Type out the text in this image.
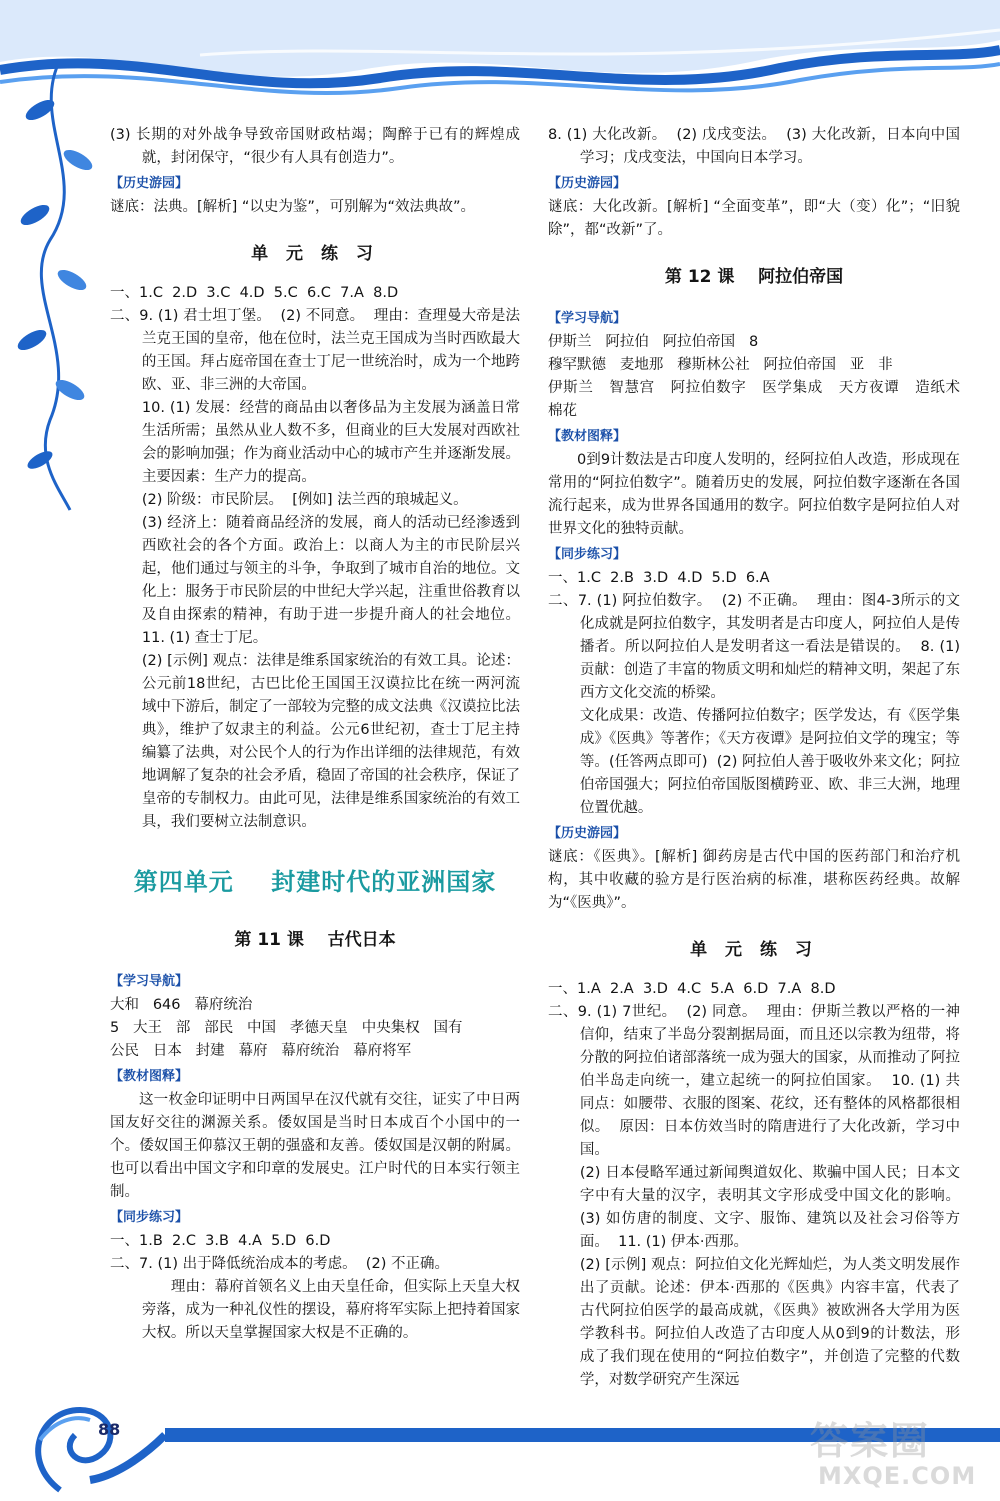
88	答案圈
MXQE.COM

(3) 长期的对外战争导致帝国财政枯竭；陶醉于已有的辉煌成就，封闭保守，“很少有人具有创造力”。

【 历史游园 】

谜底：法典。[解析] “以史为鉴”，可别解为“效法典故”。

单 元 练 习

一、1.C  2.D  3.C  4.D  5.C  6.C  7.A  8.D

二、9. (1) 君士坦丁堡。  (2) 不同意。  理由：查理曼大帝是法兰克王国的皇帝，他在位时，法兰克王国成为当时西欧最大的王国。拜占庭帝国在查士丁尼一世统治时，成为一个地跨欧、亚、非三洲的大帝国。

10. (1) 发展：经营的商品由以奢侈品为主发展为涵盖日常生活所需；虽然从业人数不多，但商业的巨大发展对西欧社会的影响加强；作为商业活动中心的城市产生并逐渐发展。  主要因素：生产力的提高。

(2) 阶级：市民阶层。  [例如] 法兰西的琅城起义。

(3) 经济上：随着商品经济的发展，商人的活动已经渗透到西欧社会的各个方面。政治上：以商人为主的市民阶层兴起，他们通过与领主的斗争，争取到了城市自治的地位。文化上：服务于市民阶层的中世纪大学兴起，注重世俗教育以及自由探索的精神，有助于进一步提升商人的社会地位。  11. (1) 查士丁尼。

(2) [示例] 观点：法律是维系国家统治的有效工具。论述：公元前18世纪，古巴比伦王国国王汉谟拉比在统一两河流域中下游后，制定了一部较为完整的成文法典《汉谟拉比法典》，维护了奴隶主的利益。公元6世纪初，查士丁尼主持编纂了法典，对公民个人的行为作出详细的法律规范，有效地调解了复杂的社会矛盾，稳固了帝国的社会秩序，保证了皇帝的专制权力。由此可见，法律是维系国家统治的有效工具，我们要树立法制意识。

第四单元    封建时代的亚洲国家
第 11 课    古代日本
【 学习导航 】

大和   646   幕府统治

5   大王   部   部民   中国   孝德天皇   中央集权   国有

公民   日本   封建   幕府   幕府统治   幕府将军

【 教材图释 】

这一枚金印证明中日两国早在汉代就有交往，证实了中日两国友好交往的渊源关系。倭奴国是当时日本成百个小国中的一个。倭奴国王仰慕汉王朝的强盛和友善。倭奴国是汉朝的附属。也可以看出中国文字和印章的发展史。江户时代的日本实行领主制。

【 同步练习 】

一、1.B  2.C  3.B  4.A  5.D  6.D

二、7. (1) 出于降低统治成本的考虑。  (2) 不正确。

理由：幕府首领名义上由天皇任命，但实际上天皇大权旁落，成为一种礼仪性的摆设，幕府将军实际上把持着国家大权。所以天皇掌握国家大权是不正确的。

8. (1) 大化改新。  (2) 戊戌变法。  (3) 大化改新，日本向中国学习；戊戌变法，中国向日本学习。

【 历史游园 】

谜底：大化改新。[解析] “全面变革”，即“大（变）化”；“旧貌除”，都“改新”了。

第 12 课    阿拉伯帝国
【 学习导航 】

伊斯兰   阿拉伯   阿拉伯帝国   8

穆罕默德   麦地那   穆斯林公社   阿拉伯帝国   亚   非

伊斯兰   智慧宫   阿拉伯数字   医学集成   天方夜谭   造纸术   棉花

【 教材图释 】

0到9计数法是古印度人发明的，经阿拉伯人改造，形成现在常用的“阿拉伯数字”。随着历史的发展，阿拉伯数字逐渐在各国流行起来，成为世界各国通用的数字。阿拉伯数字是阿拉伯人对世界文化的独特贡献。

【 同步练习 】

一、1.C  2.B  3.D  4.D  5.D  6.A

二、7. (1) 阿拉伯数字。  (2) 不正确。  理由：图4-3所示的文化成就是阿拉伯数字，其发明者是古印度人，阿拉伯人是传播者。所以阿拉伯人是发明者这一看法是错误的。  8. (1) 贡献：创造了丰富的物质文明和灿烂的精神文明，架起了东西方文化交流的桥梁。

文化成果：改造、传播阿拉伯数字；医学发达，有《医学集成》《医典》等著作；《天方夜谭》是阿拉伯文学的瑰宝；等等。(任答两点即可)  (2) 阿拉伯人善于吸收外来文化；阿拉伯帝国强大；阿拉伯帝国版图横跨亚、欧、非三大洲，地理位置优越。

【 历史游园 】

谜底：《医典》。[解析] 御药房是古代中国的医药部门和治疗机构，其中收藏的验方是行医治病的标准，堪称医药经典。故解为“《医典》”。

单 元 练 习

一、1.A  2.A  3.D  4.C  5.A  6.D  7.A  8.D

二、9. (1) 7世纪。  (2) 同意。  理由：伊斯兰教以严格的一神信仰，结束了半岛分裂割据局面，而且还以宗教为纽带，将分散的阿拉伯诸部落统一成为强大的国家，从而推动了阿拉伯半岛走向统一，建立起统一的阿拉伯国家。  10. (1) 共同点：如腰带、衣服的图案、花纹，还有整体的风格都很相似。  原因：日本仿效当时的隋唐进行了大化改新，学习中国。

(2) 日本侵略军通过新闻舆道奴化、欺骗中国人民；日本文字中有大量的汉字，表明其文字形成受中国文化的影响。  (3) 如仿唐的制度、文字、服饰、建筑以及社会习俗等方面。  11. (1) 伊本·西那。

(2) [示例] 观点：阿拉伯文化光辉灿烂，为人类文明发展作出了贡献。论述：伊本·西那的《医典》内容丰富，代表了古代阿拉伯医学的最高成就，《医典》被欧洲各大学用为医学教科书。阿拉伯人改造了古印度人从0到9的计数法，形成了我们现在使用的“阿拉伯数字”，并创造了完整的代数学，对数学研究产生深远
